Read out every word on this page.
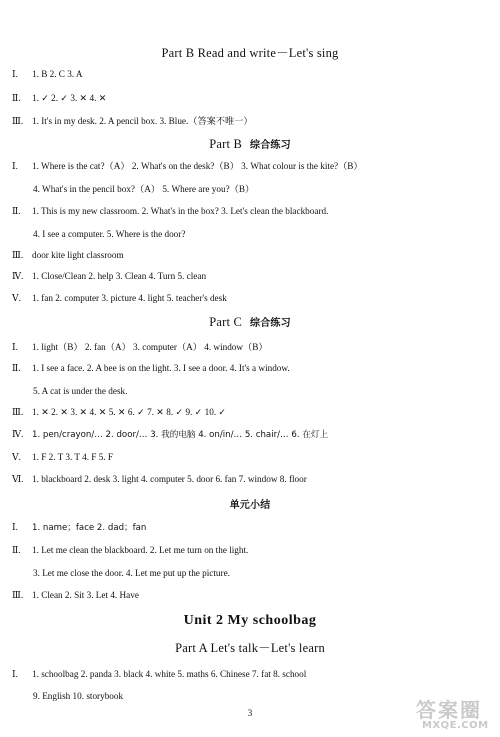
Part B Read and write－Let's sing
Ⅰ. 1. B 2. C 3. A
Ⅱ. 1. ✓ 2. ✓ 3. ✕ 4. ✕
Ⅲ. 1. It's in my desk. 2. A pencil box. 3. Blue.（答案不唯一）
Part B 综合练习
Ⅰ. 1. Where is the cat?（A） 2. What's on the desk?（B） 3. What colour is the kite?（B）
4. What's in the pencil box?（A） 5. Where are you?（B）
Ⅱ. 1. This is my new classroom. 2. What's in the box? 3. Let's clean the blackboard.
4. I see a computer. 5. Where is the door?
Ⅲ. door kite light classroom
Ⅳ. 1. Close/Clean 2. help 3. Clean 4. Turn 5. clean
Ⅴ. 1. fan 2. computer 3. picture 4. light 5. teacher's desk
Part C 综合练习
Ⅰ. 1. light（B） 2. fan（A） 3. computer（A） 4. window（B）
Ⅱ. 1. I see a face. 2. A bee is on the light. 3. I see a door. 4. It's a window.
5. A cat is under the desk.
Ⅲ. 1. ✕ 2. ✕ 3. ✕ 4. ✕ 5. ✕ 6. ✓ 7. ✕ 8. ✓ 9. ✓ 10. ✓
Ⅳ. 1. pen/crayon/… 2. door/… 3. 我的电脑 4. on/in/… 5. chair/… 6. 在灯上
Ⅴ. 1. F 2. T 3. T 4. F 5. F
Ⅵ. 1. blackboard 2. desk 3. light 4. computer 5. door 6. fan 7. window 8. floor
单元小结
Ⅰ. 1. name；face 2. dad；fan
Ⅱ. 1. Let me clean the blackboard. 2. Let me turn on the light.
3. Let me close the door. 4. Let me put up the picture.
Ⅲ. 1. Clean 2. Sit 3. Let 4. Have
Unit 2 My schoolbag
Part A Let's talk－Let's learn
Ⅰ. 1. schoolbag 2. panda 3. black 4. white 5. maths 6. Chinese 7. fat 8. school
9. English 10. storybook
3	答案圈
MXQE.COM
